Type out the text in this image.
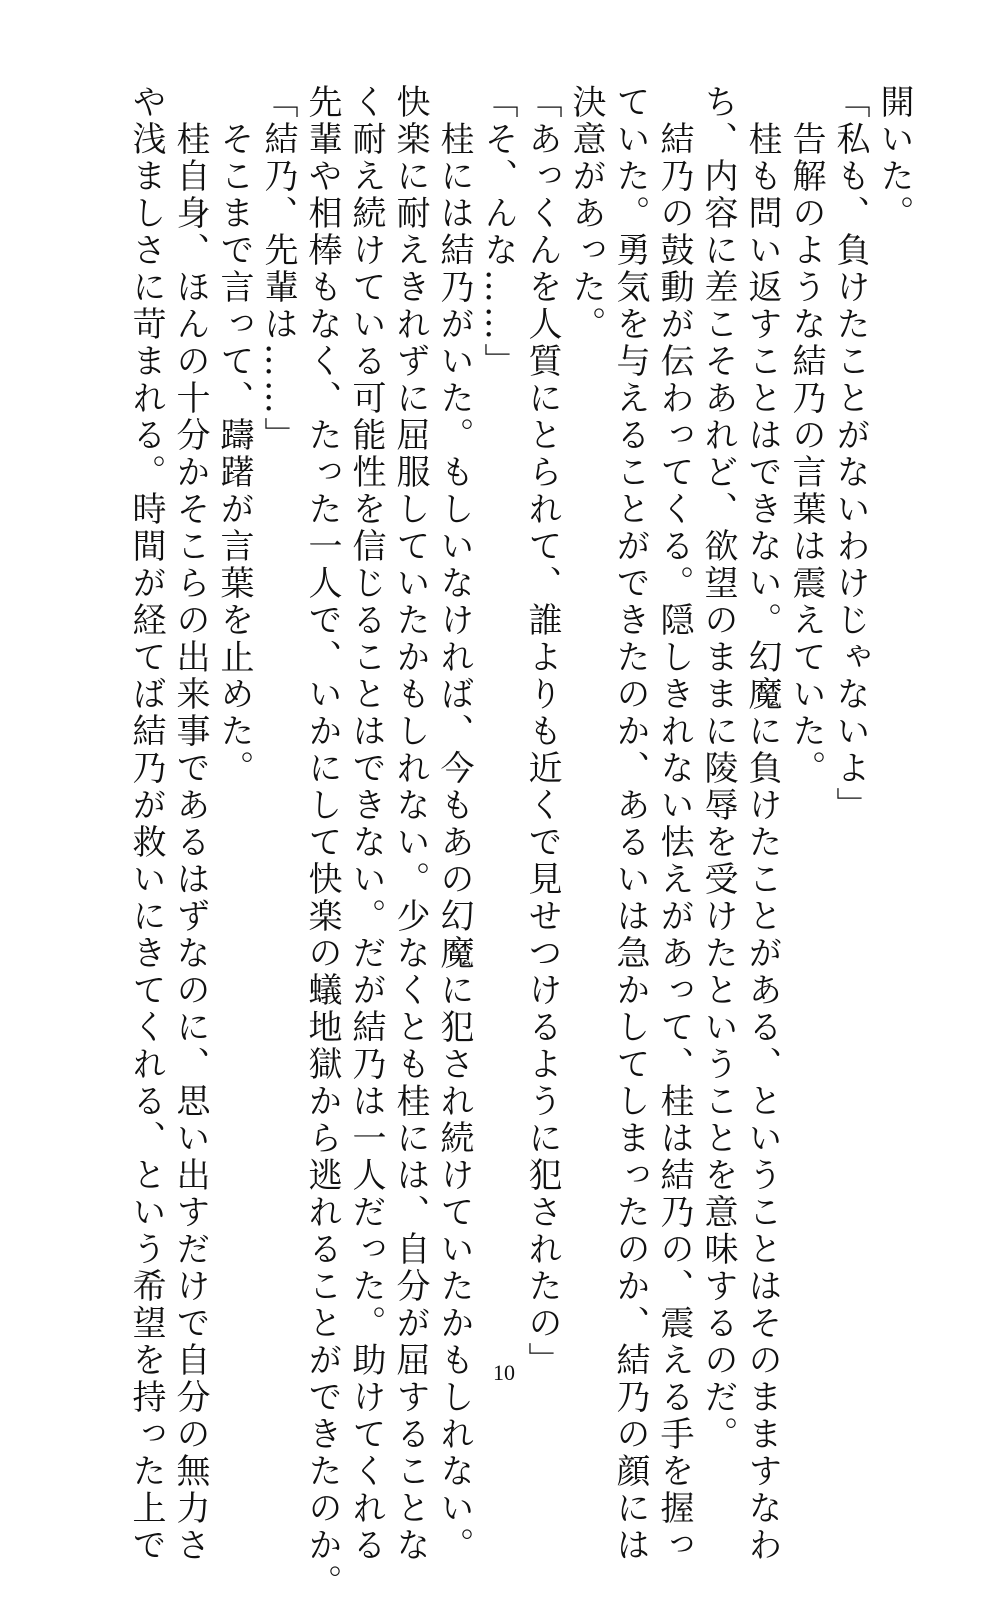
開いた。

「私も、負けたことがないわけじゃないよ」

　告解のような結乃の言葉は震えていた。

　桂も問い返すことはできない。幻魔に負けたことがある、ということはそのまますなわ

ち、内容に差こそあれど、欲望のままに陵辱を受けたということを意味するのだ。

　結乃の鼓動が伝わってくる。隠しきれない怯えがあって、桂は結乃の、震える手を握っ

ていた。勇気を与えることができたのか、あるいは急かしてしまったのか、結乃の顔には

決意があった。

「あっくんを人質にとられて、誰よりも近くで見せつけるように犯されたの」

「そ、んな……」

　桂には結乃がいた。もしいなければ、今もあの幻魔に犯され続けていたかもしれない。

快楽に耐えきれずに屈服していたかもしれない。少なくとも桂には、自分が屈することな

く耐え続けている可能性を信じることはできない。だが結乃は一人だった。助けてくれる

先輩や相棒もなく、たった一人で、いかにして快楽の蟻地獄から逃れることができたのか。

「結乃、先輩は……」

　そこまで言って、躊躇が言葉を止めた。

　桂自身、ほんの十分かそこらの出来事であるはずなのに、思い出すだけで自分の無力さ

や浅ましさに苛まれる。時間が経てば結乃が救いにきてくれる、という希望を持った上で	10
